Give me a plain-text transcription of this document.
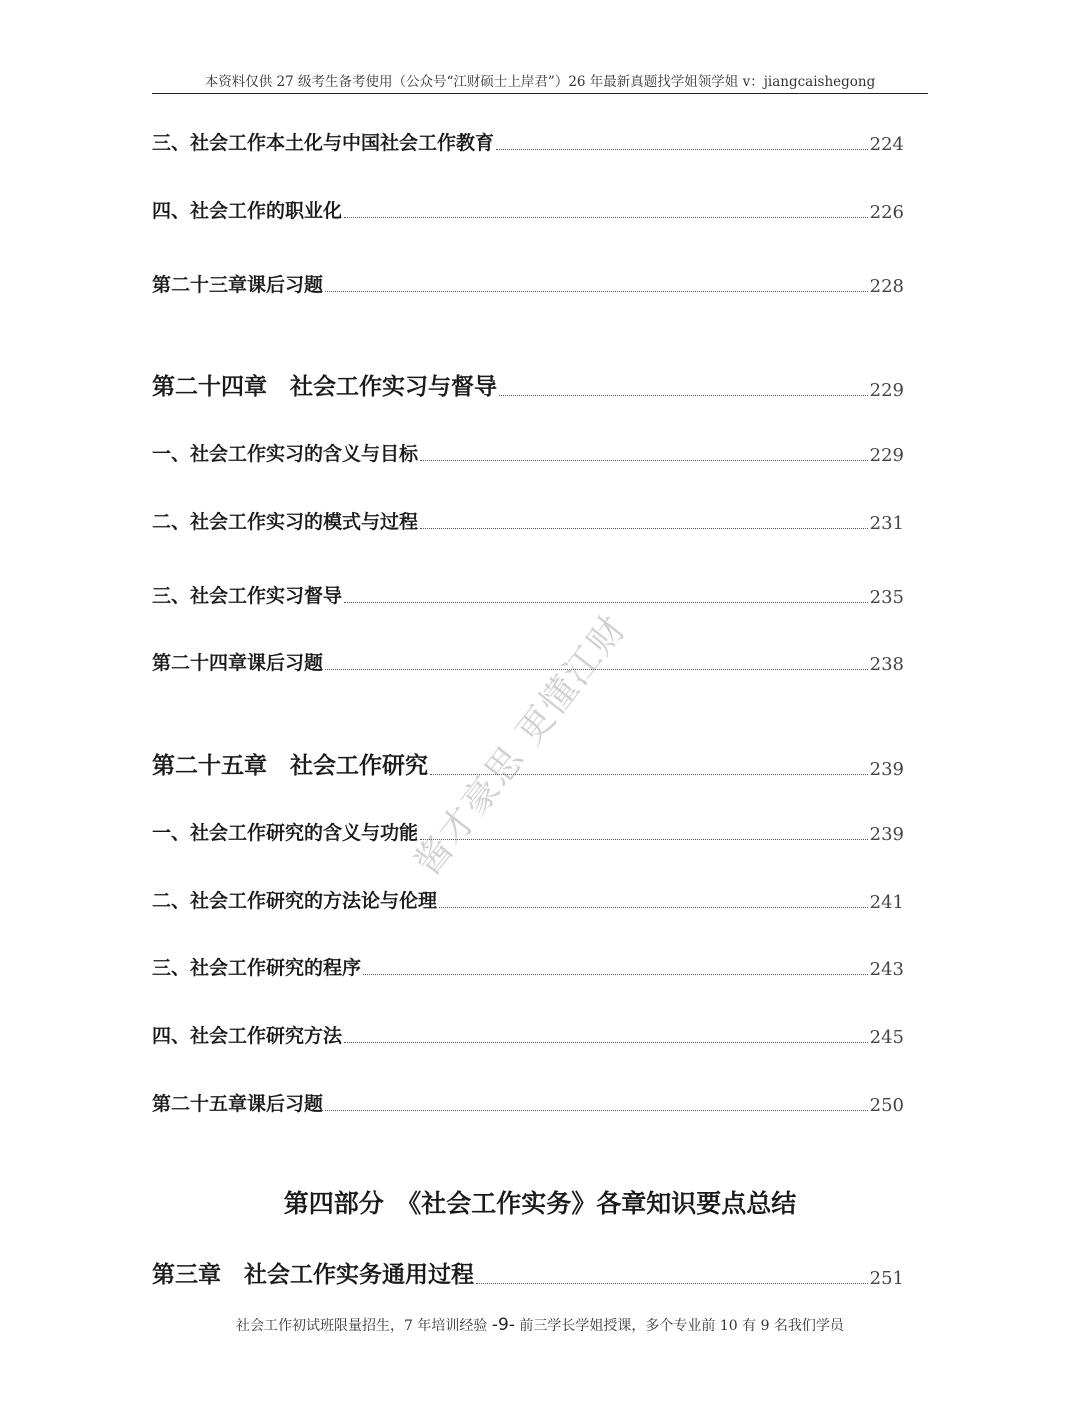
本资料仅供 27 级考生备考使用（公众号“江财硕士上岸君”）26 年最新真题找学姐领学姐 v：jiangcaishegong
三、社会工作本土化与中国社会工作教育	224
四、社会工作的职业化	226
第二十三章课后习题	228
第二十四章　社会工作实习与督导	229
一、社会工作实习的含义与目标	229
二、社会工作实习的模式与过程	231
三、社会工作实习督导	235
第二十四章课后习题	238
第二十五章　社会工作研究	239
一、社会工作研究的含义与功能	239
二、社会工作研究的方法论与伦理	241
三、社会工作研究的程序	243
四、社会工作研究方法	245
第二十五章课后习题	250
第四部分　《社会工作实务》各章知识要点总结
第三章　社会工作实务通用过程	251
社会工作初试班限量招生，7 年培训经验 -9- 前三学长学姐授课，多个专业前 10 有 9 名我们学员
酱才豪思 更懂江财
